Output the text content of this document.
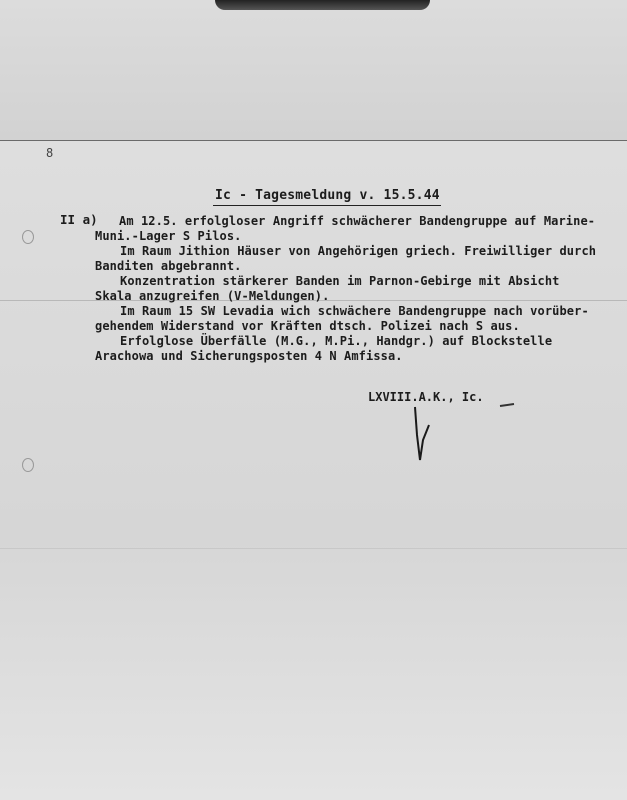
8
Ic - Tagesmeldung v. 15.5.44
II a) Am 12.5. erfolgloser Angriff schwächerer Bandengruppe auf Marine-
Muni.-Lager S Pilos.
Im Raum Jithion Häuser von Angehörigen griech. Freiwilliger durch
Banditen abgebrannt.
Konzentration stärkerer Banden im Parnon-Gebirge mit Absicht
Skala anzugreifen (V-Meldungen).
Im Raum 15 SW Levadia wich schwächere Bandengruppe nach vorüber-
gehendem Widerstand vor Kräften dtsch. Polizei nach S aus.
Erfolglose Überfälle (M.G., M.Pi., Handgr.) auf Blockstelle
Arachowa und Sicherungsposten 4 N Amfissa.
LXVIII.A.K., Ic.
